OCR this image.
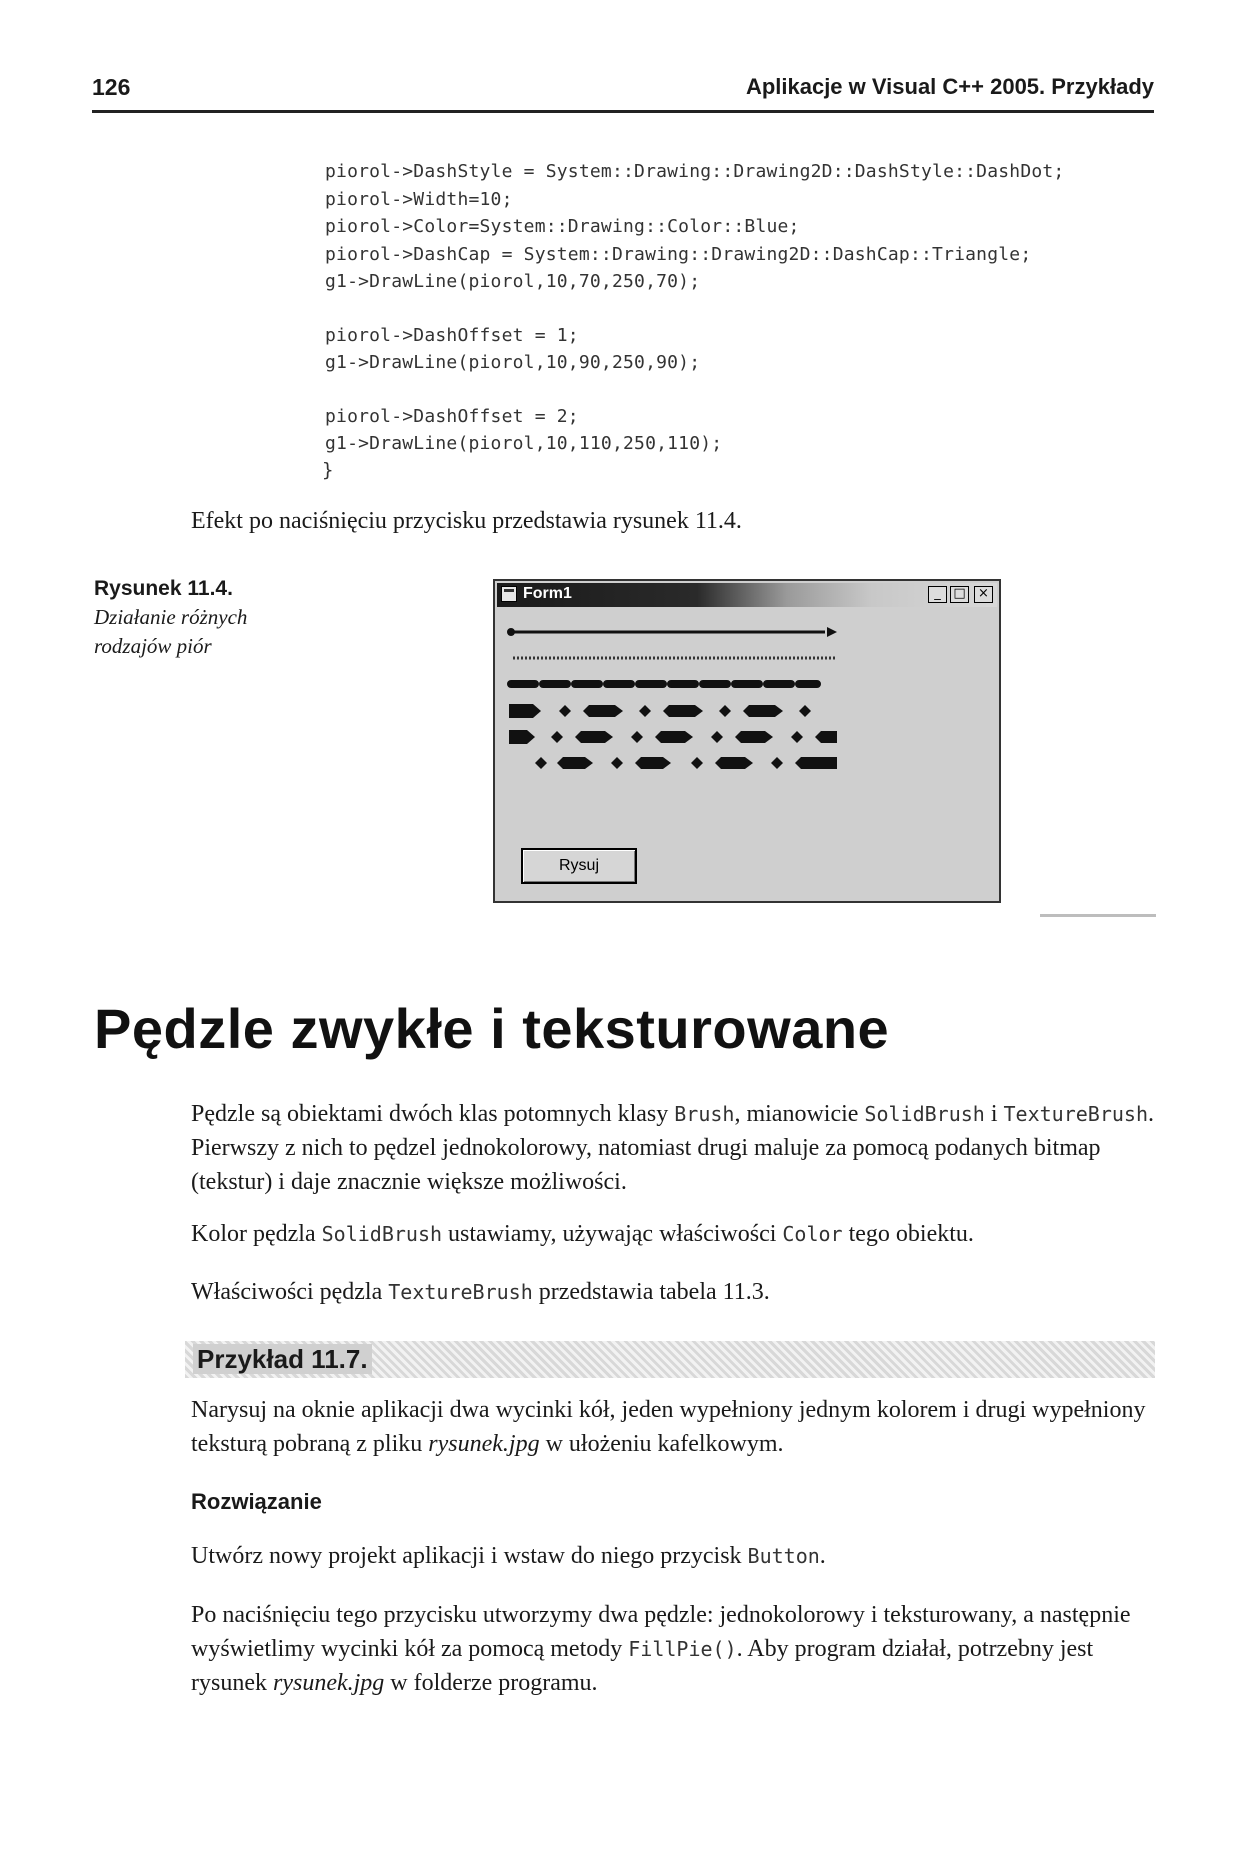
126	Aplikacje w Visual C++ 2005. Przykłady
piorol->DashStyle = System::Drawing::Drawing2D::DashStyle::DashDot;
piorol->Width=10;
piorol->Color=System::Drawing::Color::Blue;
piorol->DashCap = System::Drawing::Drawing2D::DashCap::Triangle;
g1->DrawLine(piorol,10,70,250,70);
piorol->DashOffset = 1;
g1->DrawLine(piorol,10,90,250,90);
piorol->DashOffset = 2;
g1->DrawLine(piorol,10,110,250,110);
}

Efekt po naciśnięciu przycisku przedstawia rysunek 11.4.

Rysunek 11.4.
Działanie różnych rodzajów piór
Form1	_ □ ×
Rysuj
Pędzle zwykłe i teksturowane

Pędzle są obiektami dwóch klas potomnych klasy Brush, mianowicie SolidBrush i TextureBrush. Pierwszy z nich to pędzel jednokolorowy, natomiast drugi maluje za pomocą podanych bitmap (tekstur) i daje znacznie większe możliwości.

Kolor pędzla SolidBrush ustawiamy, używając właściwości Color tego obiektu.

Właściwości pędzla TextureBrush przedstawia tabela 11.3.

Przykład 11.7.

Narysuj na oknie aplikacji dwa wycinki kół, jeden wypełniony jednym kolorem i drugi wypełniony teksturą pobraną z pliku rysunek.jpg w ułożeniu kafelkowym.

Rozwiązanie

Utwórz nowy projekt aplikacji i wstaw do niego przycisk Button.

Po naciśnięciu tego przycisku utworzymy dwa pędzle: jednokolorowy i teksturowany, a następnie wyświetlimy wycinki kół za pomocą metody FillPie(). Aby program działał, potrzebny jest rysunek rysunek.jpg w folderze programu.
